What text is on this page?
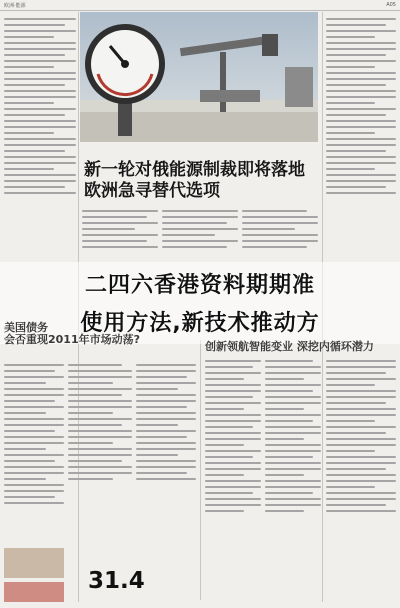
欧洲·能源	A05
新一轮对俄能源制裁即将落地
欧洲急寻替代选项
二四六香港资料期期准
使用方法,新技术推动方
美国债务
会否重现2011年市场动荡?
创新领航智能变业 深挖内循环潜力
31.4
